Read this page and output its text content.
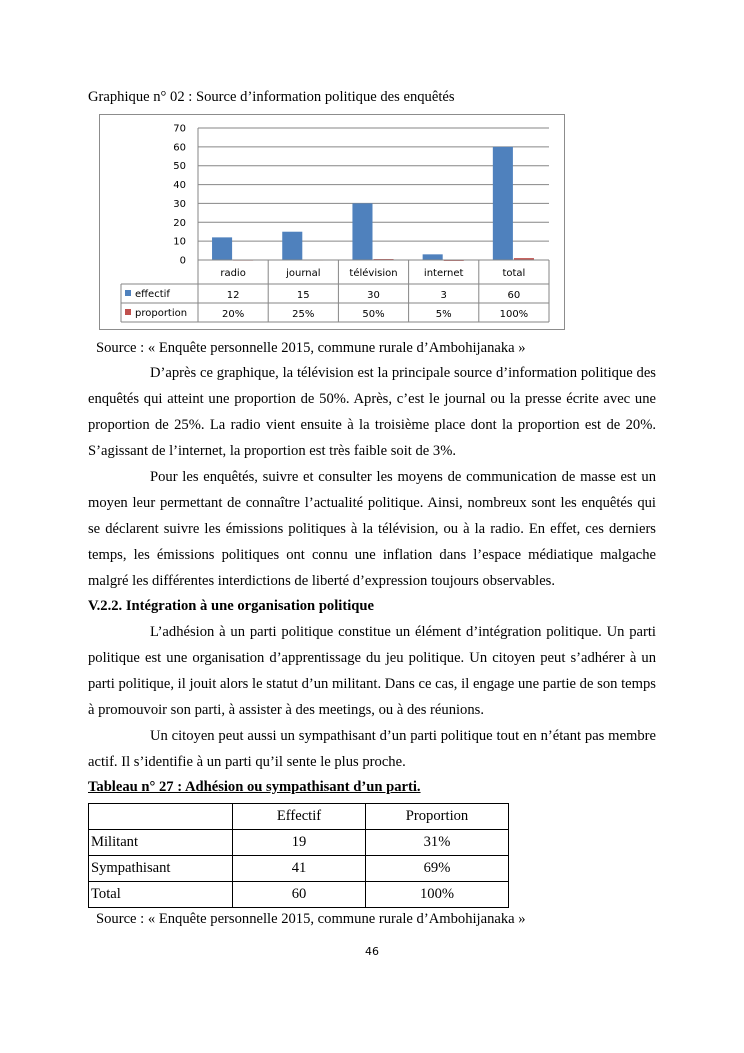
Graphique n° 02 : Source d’information politique des enquêtés
0
10
20
30
40
50
60
70
radio	journal	télévision	internet	total
effectif	12	15	30	3	60
proportion	20%	25%	50%	5%	100%
Source : « Enquête personnelle 2015, commune rurale d’Ambohijanaka »
D’après ce graphique, la télévision est la principale source d’information politique des enquêtés qui atteint une proportion de 50%. Après, c’est le journal ou la presse écrite avec une proportion de 25%. La radio vient ensuite à la troisième place dont la proportion est de 20%. S’agissant de l’internet, la proportion est très faible soit de 3%.
Pour les enquêtés, suivre et consulter les moyens de communication de masse est un moyen leur permettant de connaître l’actualité politique. Ainsi, nombreux sont les enquêtés qui se déclarent suivre les émissions politiques à la télévision, ou à la radio. En effet, ces derniers temps, les émissions politiques ont connu une inflation dans l’espace médiatique malgache malgré les différentes interdictions de liberté d’expression toujours observables.
V.2.2. Intégration à une organisation politique
L’adhésion à un parti politique constitue un élément d’intégration politique. Un parti politique est une organisation d’apprentissage du jeu politique. Un citoyen peut s’adhérer à un parti politique, il jouit alors le statut d’un militant. Dans ce cas, il engage une partie de son temps à promouvoir son parti, à assister à des meetings, ou à des réunions.
Un citoyen peut aussi un sympathisant d’un parti politique tout en n’étant pas membre actif. Il s’identifie à un parti qu’il sente le plus proche.
Tableau n° 27 : Adhésion ou sympathisant d’un parti.
	Effectif	Proportion
Militant	19	31%
Sympathisant	41	69%
Total	60	100%
Source : « Enquête personnelle 2015, commune rurale d’Ambohijanaka »
46
